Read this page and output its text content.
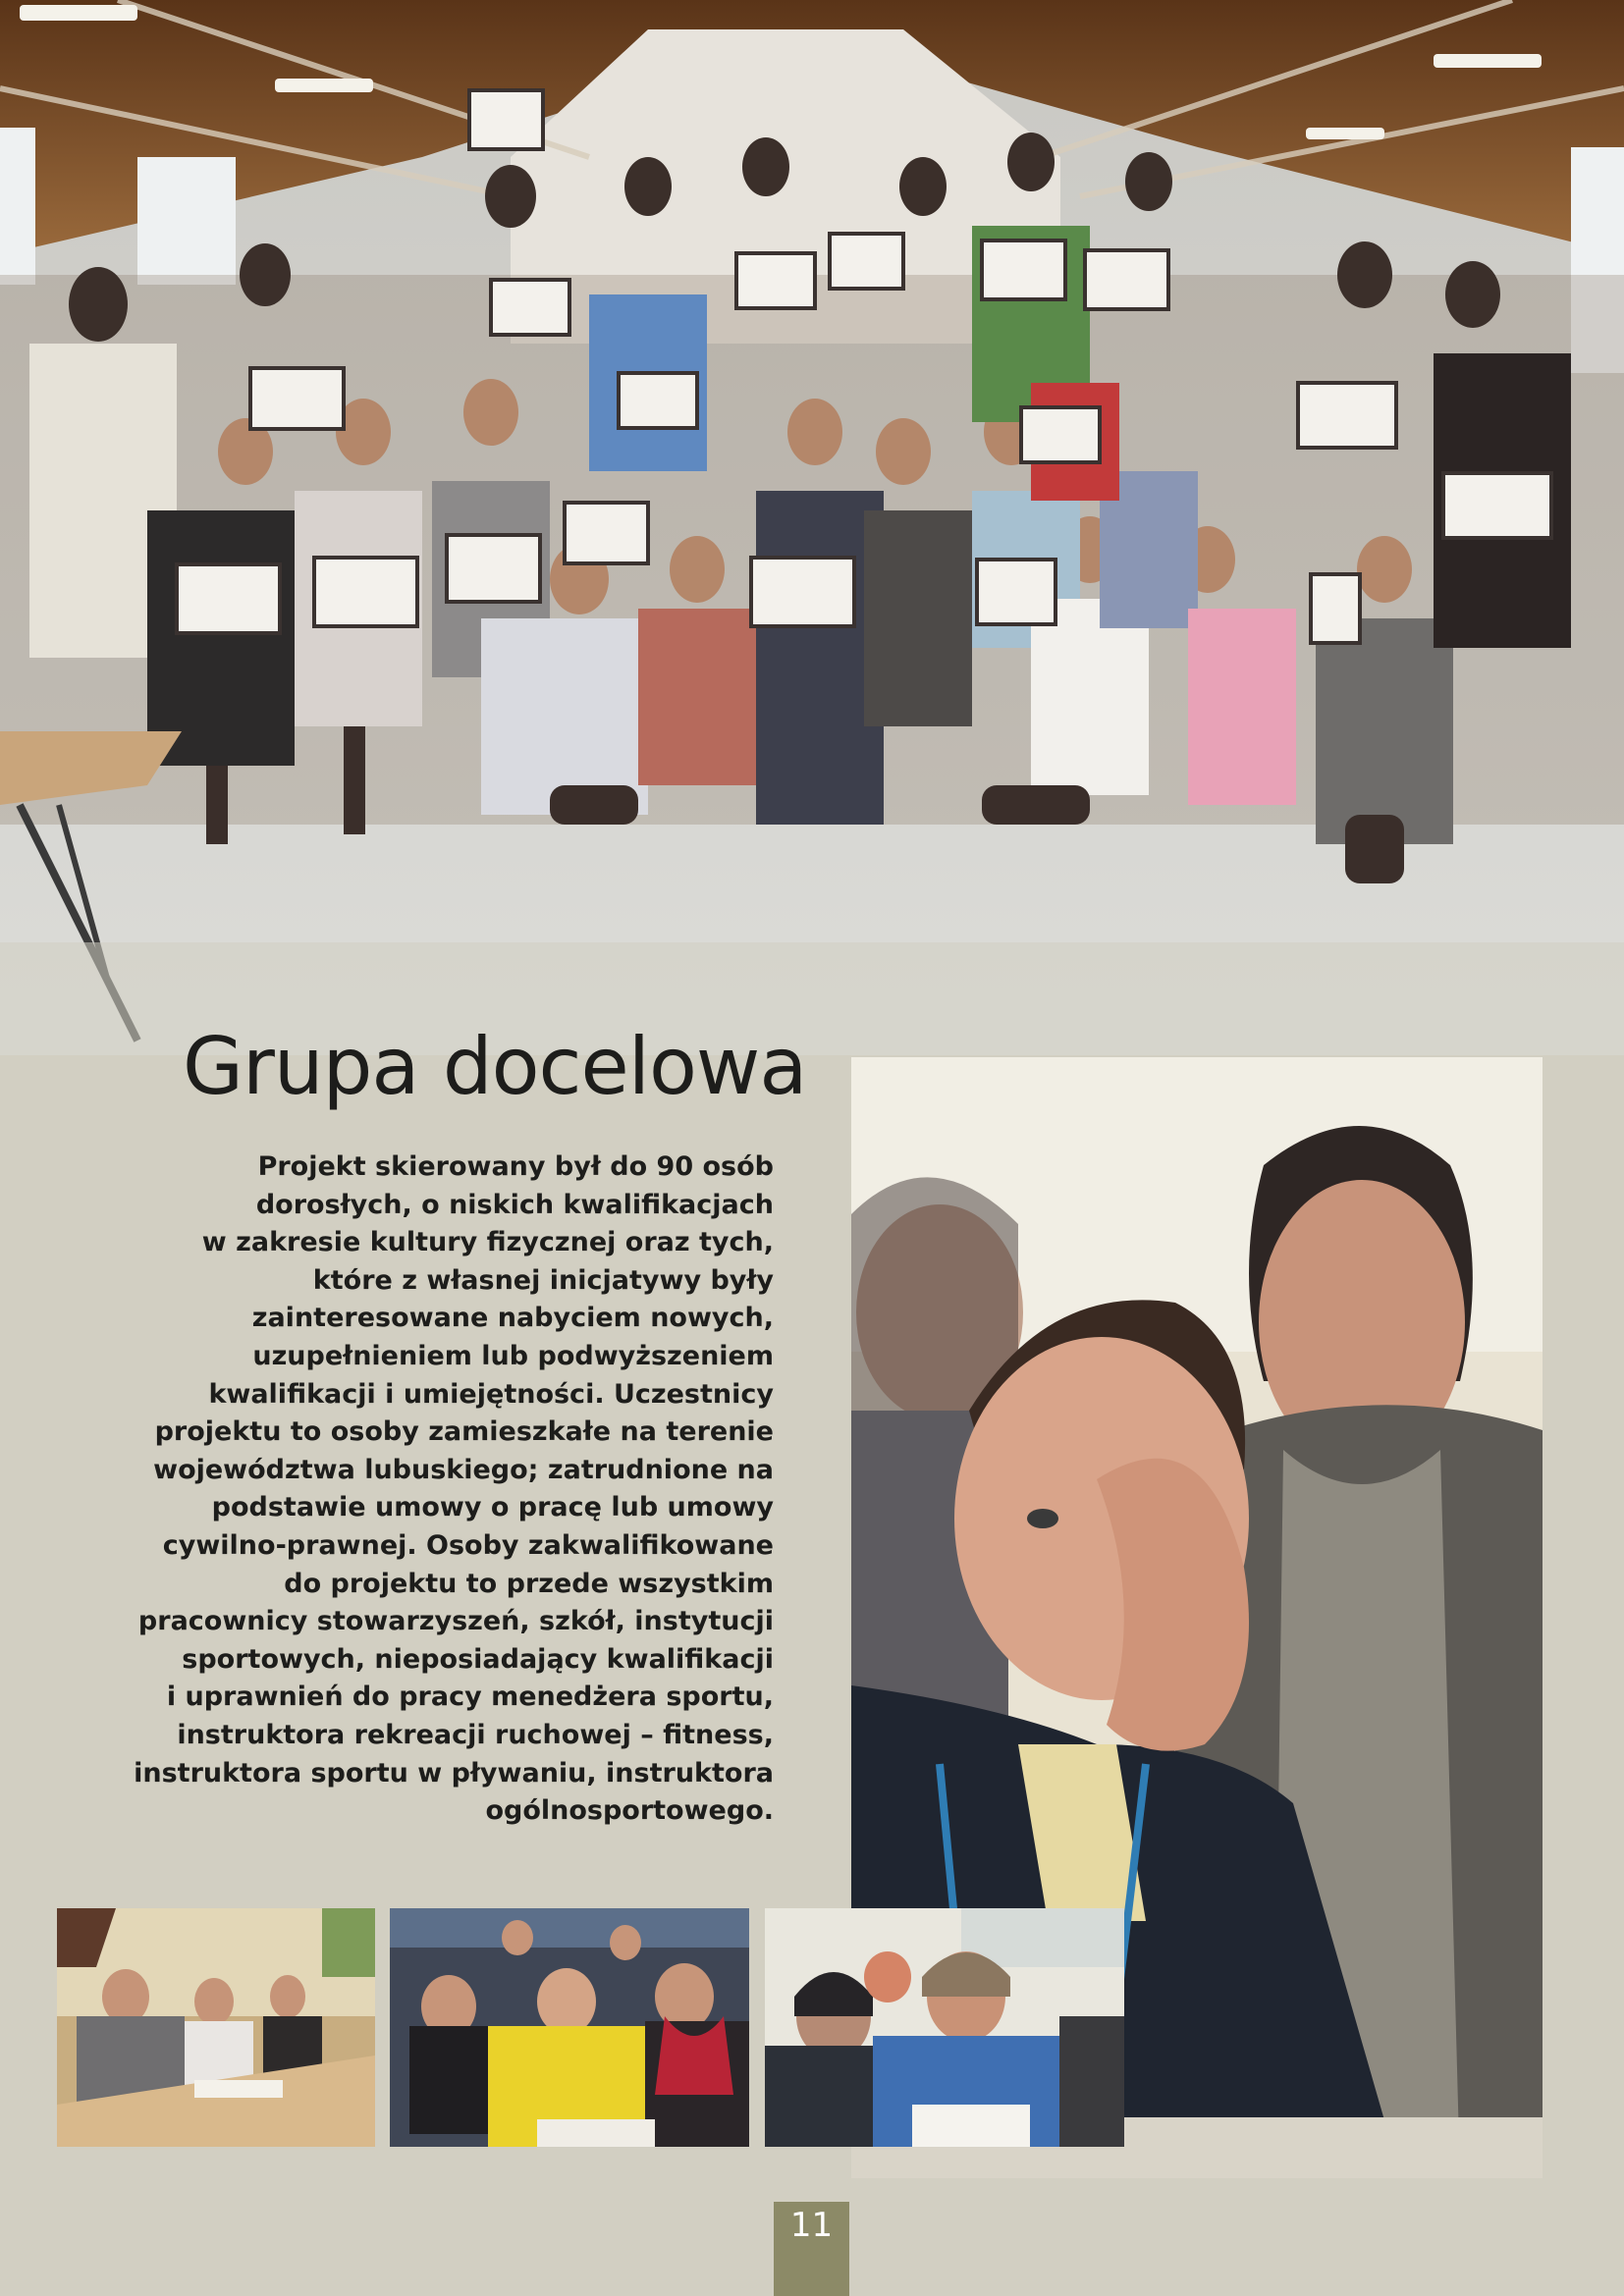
Grupa docelowa

Projekt skierowany był do 90 osób
dorosłych, o niskich kwalifikacjach
w zakresie kultury fizycznej oraz tych,
które z własnej inicjatywy były
zainteresowane nabyciem nowych,
uzupełnieniem lub podwyższeniem
kwalifikacji i umiejętności. Uczestnicy
projektu to osoby zamieszkałe na terenie
województwa lubuskiego; zatrudnione na
podstawie umowy o pracę lub umowy
cywilno-prawnej. Osoby zakwalifikowane
do projektu to przede wszystkim
pracownicy stowarzyszeń, szkół, instytucji
sportowych, nieposiadający kwalifikacji
i uprawnień do pracy menedżera sportu,
instruktora rekreacji ruchowej – fitness,
instruktora sportu w pływaniu, instruktora
ogólnosportowego.

11
